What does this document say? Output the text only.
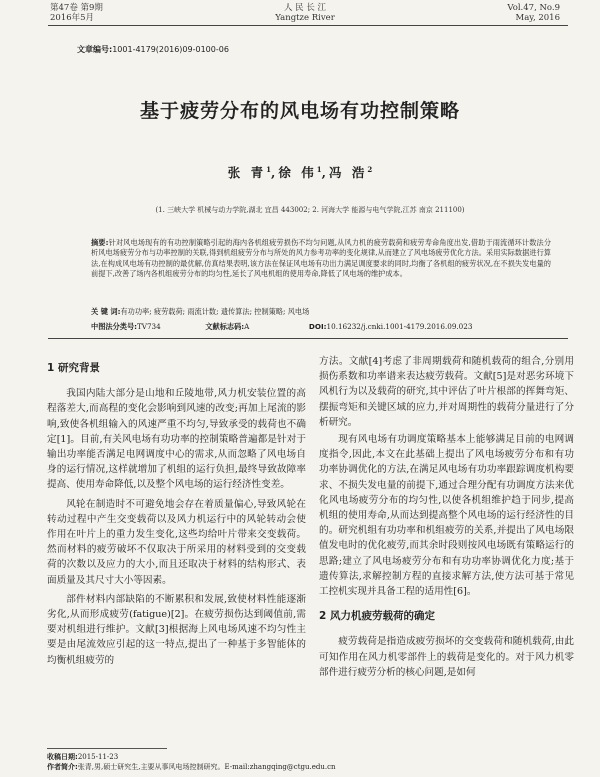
第47卷 第9期
2016年5月
人 民 长 江
Yangtze River
Vol.47, No.9
May, 2016
文章编号:1001-4179(2016)09-0100-06
基于疲劳分布的风电场有功控制策略
张 青$^1$,徐 伟$^1$,冯 浩$^2$
(1. 三峡大学 机械与动力学院,湖北 宜昌 443002; 2. 河海大学 能源与电气学院,江苏 南京 211100)
摘要:针对风电场现有的有功控制策略引起的海内各机组疲劳损伤不均匀问题,从风力机的疲劳载荷和疲劳寿命角度出发,借助于雨流循环计数法分析风电场疲劳分布与功率控制的关联,得到机组疲劳分布与所处的风力参考功率的变化规律,从而建立了风电场疲劳优化方法。采用实际数据进行算法,在构成风电场有功控制的最优解,仿真结果表明,该方法在保证风电场有功出力满足调度要求的同时,均衡了各机组的疲劳状况,在不损失发电量的前提下,改善了场内各机组疲劳分布的均匀性,延长了风电机组的使用寿命,降低了风电场的维护成本。
关 键 词:有功功率; 疲劳载荷; 雨流计数; 遗传算法; 控制策略; 风电场
中图法分类号:TV734	文献标志码:A	DOI:10.16232/j.cnki.1001-4179.2016.09.023
1 研究背景

我国内陆大部分是山地和丘陵地带,风力机安装位置的高程落差大,而高程的变化会影响到风速的改变;再加上尾流的影响,致使各机组输入的风速严重不均匀,导致承受的载荷也不确定[1]。目前,有关风电场有功功率的控制策略普遍都是针对于输出功率能否满足电网调度中心的需求,从而忽略了风电场自身的运行情况,这样就增加了机组的运行负担,最终导致故障率提高、使用寿命降低,以及整个风电场的运行经济性变差。

风轮在制造时不可避免地会存在着质量偏心,导致风轮在转动过程中产生交变载荷以及风力机运行中的风轮转动会使作用在叶片上的重力发生变化,这些均给叶片带来交变载荷。然而材料的疲劳破坏不仅取决于所采用的材料受到的交变载荷的次数以及应力的大小,而且还取决于材料的结构形式、表面质量及其尺寸大小等因素。

部件材料内部缺陷的不断累积和发展,致使材料性能逐渐劣化,从而形成疲劳(fatigue)[2]。在疲劳损伤达到阈值前,需要对机组进行维护。文献[3]根据海上风电场风速不均匀性主要是由尾流效应引起的这一特点,提出了一种基于多智能体的均衡机组疲劳的

方法。文献[4]考虑了非周期载荷和随机载荷的组合,分别用损伤系数和功率谱来表达疲劳载荷。文献[5]是对恶劣环境下风机行为以及载荷的研究,其中评估了叶片根部的挥舞弯矩、摆振弯矩和关键区域的应力,并对周期性的载荷分量进行了分析研究。

现有风电场有功调度策略基本上能够满足目前的电网调度指令,因此,本文在此基础上提出了风电场疲劳分布和有功功率协调优化的方法,在满足风电场有功功率跟踪调度机构要求、不损失发电量的前提下,通过合理分配有功调度方法来优化风电场疲劳分布的均匀性,以使各机组维护趋于同步,提高机组的使用寿命,从而达到提高整个风电场的运行经济性的目的。研究机组有功功率和机组疲劳的关系,并提出了风电场限值发电时的优化疲劳,而其余时段则按风电场既有策略运行的思路;建立了风电场疲劳分布和有功功率协调优化力度;基于遗传算法,求解控制方程的直接求解方法,使方法可基于常见工控机实现并具备工程的适用性[6]。

2 风力机疲劳载荷的确定

疲劳载荷是指造成疲劳损坏的交变载荷和随机载荷,由此可知作用在风力机零部件上的载荷是变化的。对于风力机零部件进行疲劳分析的核心问题,是如何

收稿日期:2015-11-23
作者简介:张青,男,硕士研究生,主要从事风电场控制研究。E-mail:zhangqing@ctgu.edu.cn
